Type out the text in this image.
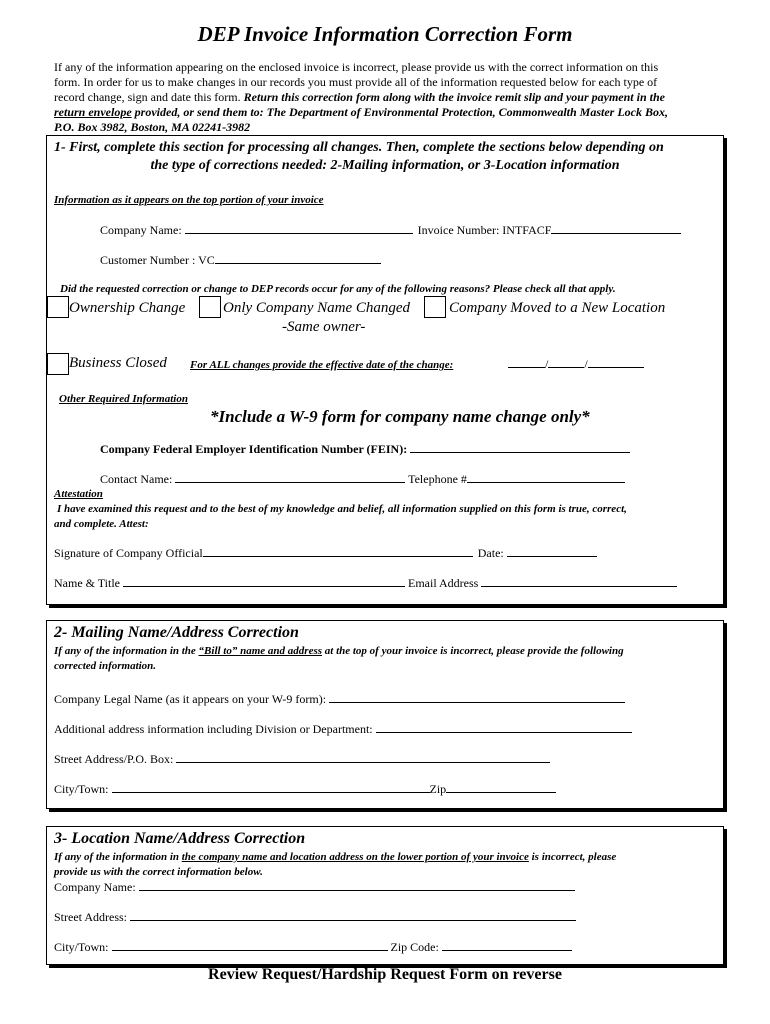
DEP Invoice Information Correction Form
If any of the information appearing on the enclosed invoice is incorrect, please provide us with the correct information on this
form. In order for us to make changes in our records you must provide all of the information requested below for each type of
record change, sign and date this form. Return this correction form along with the invoice remit slip and your payment in the
return envelope provided, or send them to: The Department of Environmental Protection, Commonwealth Master Lock Box,
P.O. Box 3982, Boston, MA 02241-3982
1- First, complete this section for processing all changes. Then, complete the sections below depending on
the type of corrections needed: 2-Mailing information, or 3-Location information
Information as it appears on the top portion of your invoice
Company Name:	Invoice Number: INTFACF
Customer Number : VC
Did the requested correction or change to DEP records occur for any of the following reasons? Please check all that apply.
Ownership Change	Only Company Name Changed
-Same owner-
Company Moved to a New Location
Business Closed For ALL changes provide the effective date of the change:	/	/
Other Required Information
*Include a W-9 form for company name change only*
Company Federal Employer Identification Number (FEIN):
Contact Name:	Telephone #
Attestation
I have examined this request and to the best of my knowledge and belief, all information supplied on this form is true, correct,
and complete. Attest:
Signature of Company Official	Date:
Name & Title	Email Address
2- Mailing Name/Address Correction
If any of the information in the “Bill to” name and address at the top of your invoice is incorrect, please provide the following
corrected information.
Company Legal Name (as it appears on your W-9 form):
Additional address information including Division or Department:
Street Address/P.O. Box:
City/Town:	Zip
3- Location Name/Address Correction
If any of the information in the company name and location address on the lower portion of your invoice is incorrect, please
provide us with the correct information below.
Company Name:
Street Address:
City/Town:	Zip Code:
Review Request/Hardship Request Form on reverse
